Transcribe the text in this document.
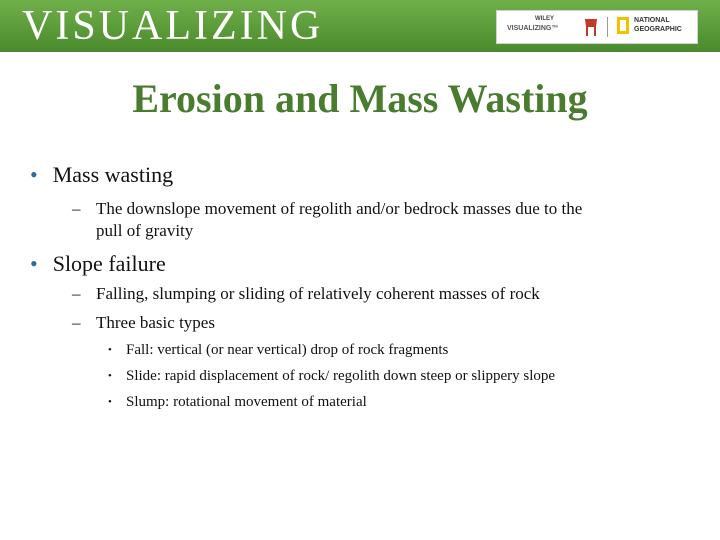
VISUALIZING	WILEY
VISUALIZING™
NATIONAL
GEOGRAPHIC
Erosion and Mass Wasting
• Mass wasting
– The downslope movement of regolith and/or bedrock masses due to the
pull of gravity
• Slope failure
– Falling, slumping or sliding of relatively coherent masses of rock
– Three basic types
• Fall: vertical (or near vertical) drop of rock fragments
• Slide: rapid displacement of rock/ regolith down steep or slippery slope
• Slump: rotational movement of material
